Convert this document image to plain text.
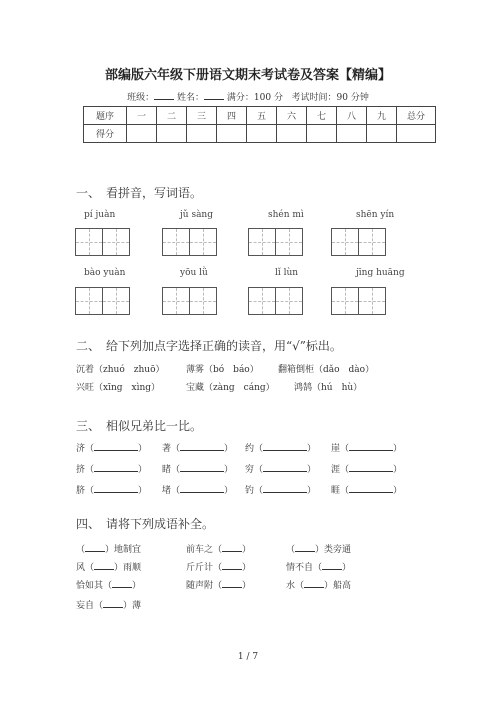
部编版六年级下册语文期末考试卷及答案【精编】
班级：	姓名：	满分：100 分 考试时间：90 分钟
题序	一	二	三	四	五	六	七	八	九	总分
得分										
一、　看拼音，写词语。
pí juàn	jǔ sàng	shén mì	shēn yín
bào yuàn	yōu lǜ	lǐ lùn	jīng huāng
二、　给下列加点字选择正确的读音，用“√”标出。
沉着（zhuó　zhuō） 薄雾（bó　báo） 翻箱倒柜（dǎo　dào）
兴旺（xīng　xìng）	宝藏（zàng　cáng） 鸿鹄（hú　hù）
三、　相似兄弟比一比。
济（	） 著（	） 约（	） 崖（	）
挤（	） 睹（	） 穷（	） 涯（	）
脐（	） 堵（	） 钓（	） 睚（	）
四、　请将下列成语补全。
（ ）地制宜	前车之（ ）	（ ）类旁通
风（ ）雨顺	斤斤计（ ）	情不自（ ）
恰如其（ ）	随声附（ ）	水（ ）船高
妄自（ ）薄
1 / 7
